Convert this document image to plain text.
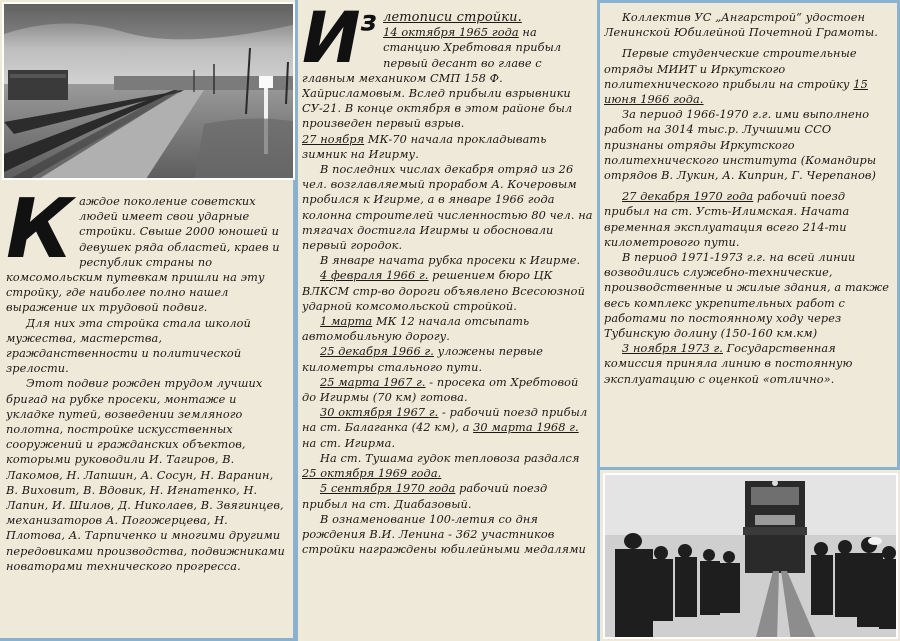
К аждое поколение советских людей имеет свои ударные стройки. Свыше 2000 юношей и девушек ряда областей, краев и республик страны по комсомольским путевкам пришли на эту стройку, где наиболее полно нашел выражение их трудовой подвиг.

Для них эта стройка стала школой мужества, мастерства, гражданственности и политической зрелости.

Этот подвиг рожден трудом лучших бригад на рубке просеки, монтаже и укладке путей, возведении земляного полотна, постройке искусственных сооружений и гражданских объектов, которыми руководили И. Тагиров, В. Лакомов, Н. Лапшин, А. Сосун, Н. Варанин, В. Виховит, В. Вдовик, Н. Игнатенко, Н. Лапин, И. Шилов, Д. Николаев, В. Звягинцев, механизаторов А. Погожерцева, Н. Плотова, А. Тарпиченко и многими другими передовиками производства, подвижниками новаторами технического прогресса.

$И^з$ летописи стройки.

14 октября 1965 года на станцию Хребтовая прибыл первый десант во главе с главным механиком СМП 158 Ф. Хайрисламовым. Вслед прибыли взрывники СУ-21. В конце октября в этом районе был произведен первый взрыв.

27 ноября МК-70 начала прокладывать зимник на Игирму.

В последних числах декабря отряд из 26 чел. возглавляемый прорабом А. Кочеровым пробился к Игирме, а в январе 1966 года колонна строителей численностью 80 чел. на тягачах достигла Игирмы и обосновали первый городок.

В январе начата рубка просеки к Игирме.

4 февраля 1966 г. решением бюро ЦК ВЛКСМ стр-во дороги объявлено Всесоюзной ударной комсомольской стройкой.

1 марта МК 12 начала отсыпать автомобильную дорогу.

25 декабря 1966 г. уложены первые километры стального пути.

25 марта 1967 г. - просека от Хребтовой до Игирмы (70 км) готова.

30 октября 1967 г. - рабочий поезд прибыл на ст. Балаганка (42 км), а 30 марта 1968 г. на ст. Игирма.

На ст. Тушама гудок тепловоза раздался 25 октября 1969 года.

5 сентября 1970 года рабочий поезд прибыл на ст. Диабазовый.

В ознаменование 100-летия со дня рождения В.И. Ленина - 362 участников стройки награждены юбилейными медалями

Коллектив УС „Ангарстрой“ удостоен Ленинской Юбилейной Почетной Грамоты.

Первые студенческие строительные отряды МИИТ и Иркутского политехнического прибыли на стройку 15 июня 1966 года.

За период 1966-1970 г.г. ими выполнено работ на 3014 тыс.р. Лучшими ССО признаны отряды Иркутского политехнического института (Командиры отрядов В. Лукин, А. Киприн, Г. Черепанов)

27 декабря 1970 года рабочий поезд прибыл на ст. Усть-Илимская. Начата временная эксплуатация всего 214-ти километрового пути.

В период 1971-1973 г.г. на всей линии возводились служебно-технические, производственные и жилые здания, а также весь комплекс укрепительных работ с работами по постоянному ходу через Тубинскую долину (150-160 км.км)

3 ноября 1973 г. Государственная комиссия приняла линию в постоянную эксплуатацию с оценкой «отлично».
